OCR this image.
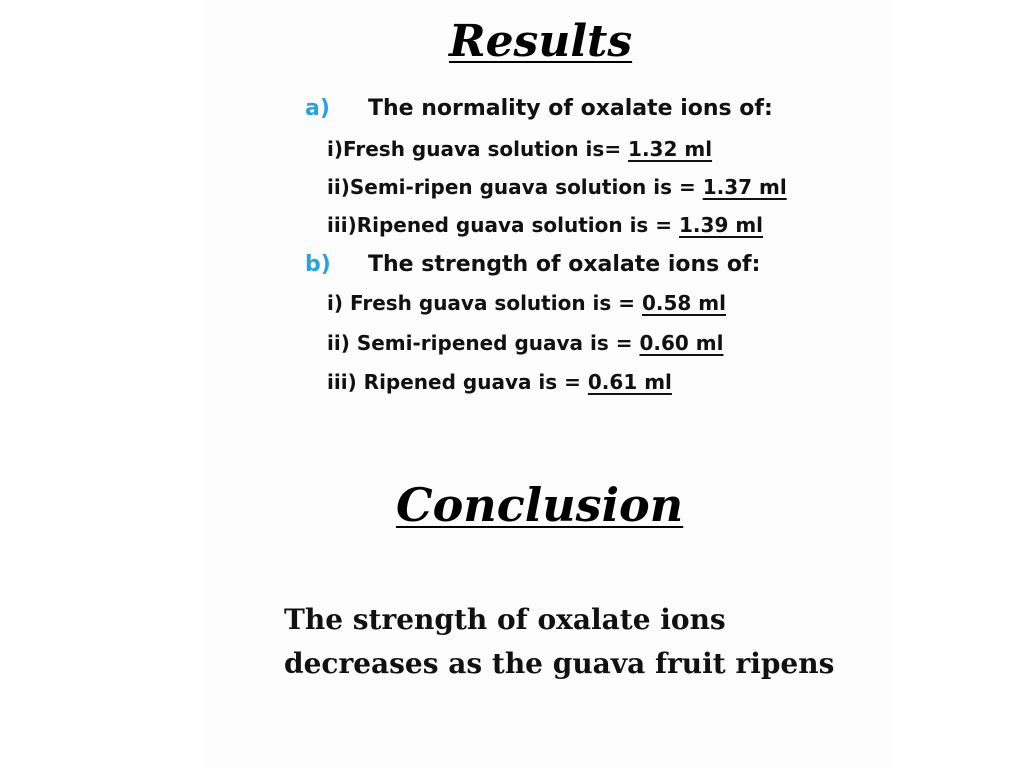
Results
a) The normality of oxalate ions of:
i)Fresh guava solution is= 1.32 ml
ii)Semi-ripen guava solution is = 1.37 ml
iii)Ripened guava solution is = 1.39 ml
b) The strength of oxalate ions of:
i) Fresh guava solution is = 0.58 ml
ii) Semi-ripened guava is = 0.60 ml
iii) Ripened guava is = 0.61 ml
Conclusion

The strength of oxalate ions decreases as the guava fruit ripens
